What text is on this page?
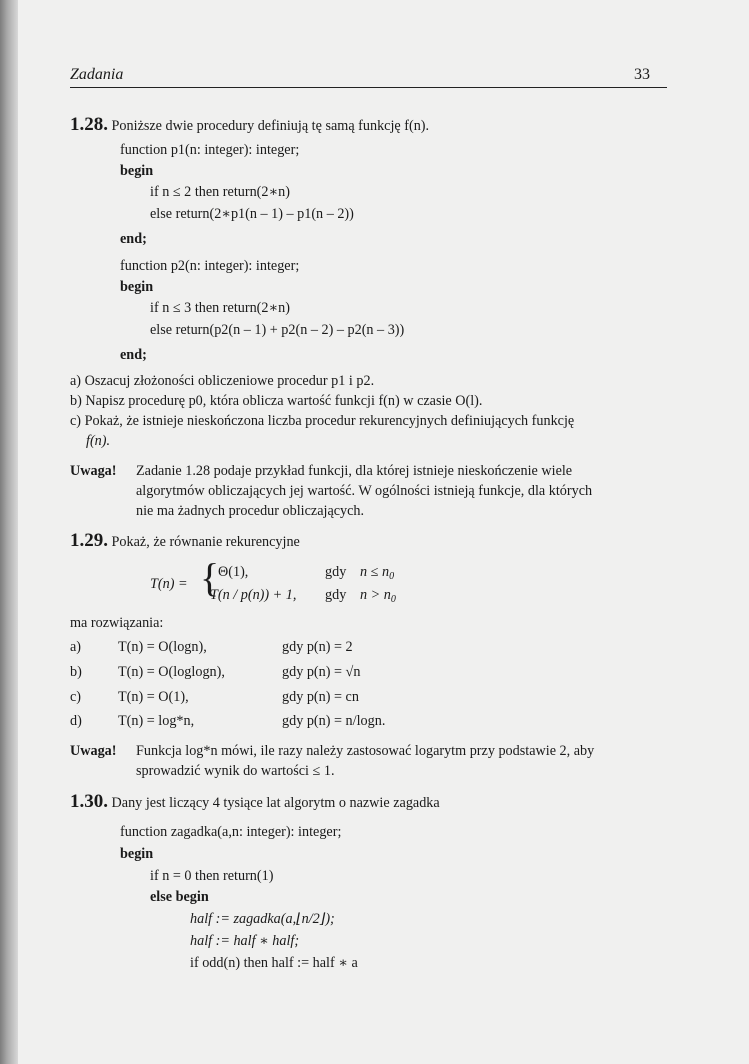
Zadania	33
1.28. Poniższe dwie procedury definiują tę samą funkcję f(n).
function p1(n: integer): integer;
begin
if n ≤ 2 then return(2∗n)
else return(2∗p1(n – 1) – p1(n – 2))
end;
function p2(n: integer): integer;
begin
if n ≤ 3 then return(2∗n)
else return(p2(n – 1) + p2(n – 2) – p2(n – 3))
end;
a) Oszacuj złożoności obliczeniowe procedur p1 i p2.
b) Napisz procedurę p0, która oblicza wartość funkcji f(n) w czasie O(l).
c) Pokaż, że istnieje nieskończona liczba procedur rekurencyjnych definiujących funkcję
f(n).
Uwaga! Zadanie 1.28 podaje przykład funkcji, dla której istnieje nieskończenie wiele
algorytmów obliczających jej wartość. W ogólności istnieją funkcje, dla których
nie ma żadnych procedur obliczających.
1.29. Pokaż, że równanie rekurencyjne
T(n) = {
Θ(1),	gdy $n \le n_0$
T(n / p(n)) + 1, gdy $n > n_0$
ma rozwiązania:
a)	T(n) = O(logn),	gdy p(n) = 2
b)	T(n) = O(loglogn),	gdy p(n) = √n
c)	T(n) = O(1),	gdy p(n) = cn
d)	T(n) = log*n,	gdy p(n) = n/logn.
Uwaga! Funkcja log*n mówi, ile razy należy zastosować logarytm przy podstawie 2, aby
sprowadzić wynik do wartości ≤ 1.
1.30. Dany jest liczący 4 tysiące lat algorytm o nazwie zagadka
function zagadka(a,n: integer): integer;
begin
if n = 0 then return(1)
else begin
half := zagadka(a,⌊n/2⌋);
half := half ∗ half;
if odd(n) then half := half ∗ a
